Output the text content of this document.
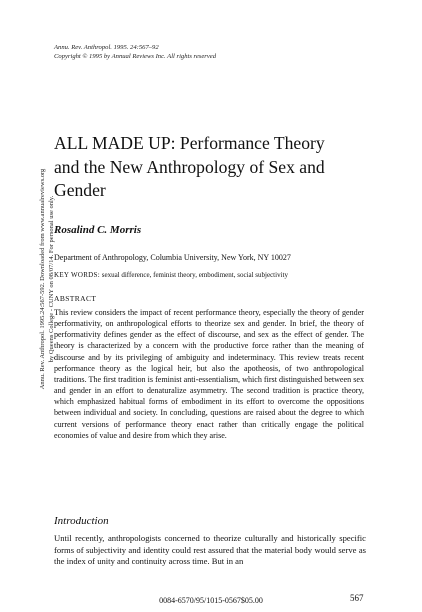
Annu. Rev. Anthropol. 1995.24:567-592. Downloaded from www.annualreviews.org by Queens College - CUNY on 08/07/14. For personal use only.
Annu. Rev. Anthropol. 1995. 24:567–92
Copyright © 1995 by Annual Reviews Inc. All rights reserved
ALL MADE UP: Performance Theory
and the New Anthropology of Sex and
Gender
Rosalind C. Morris
Department of Anthropology, Columbia University, New York, NY 10027
KEY WORDS: sexual difference, feminist theory, embodiment, social subjectivity
ABSTRACT
This review considers the impact of recent performance theory, especially the theory of gender performativity, on anthropological efforts to theorize sex and gender. In brief, the theory of performativity defines gender as the effect of discourse, and sex as the effect of gender. The theory is characterized by a concern with the productive force rather than the meaning of discourse and by its privileging of ambiguity and indeterminacy. This review treats recent performance theory as the logical heir, but also the apotheosis, of two anthropological traditions. The first tradition is feminist anti-essentialism, which first distinguished between sex and gender in an effort to denaturalize asymmetry. The second tradition is practice theory, which emphasized habitual forms of embodiment in its effort to overcome the oppositions between individual and society. In concluding, questions are raised about the degree to which current versions of performance theory enact rather than critically engage the political economies of value and desire from which they arise.
Introduction
Until recently, anthropologists concerned to theorize culturally and historically specific forms of subjectivity and identity could rest assured that the material body would serve as the index of unity and continuity across time. But in an
0084-6570/95/1015-0567$05.00	567
